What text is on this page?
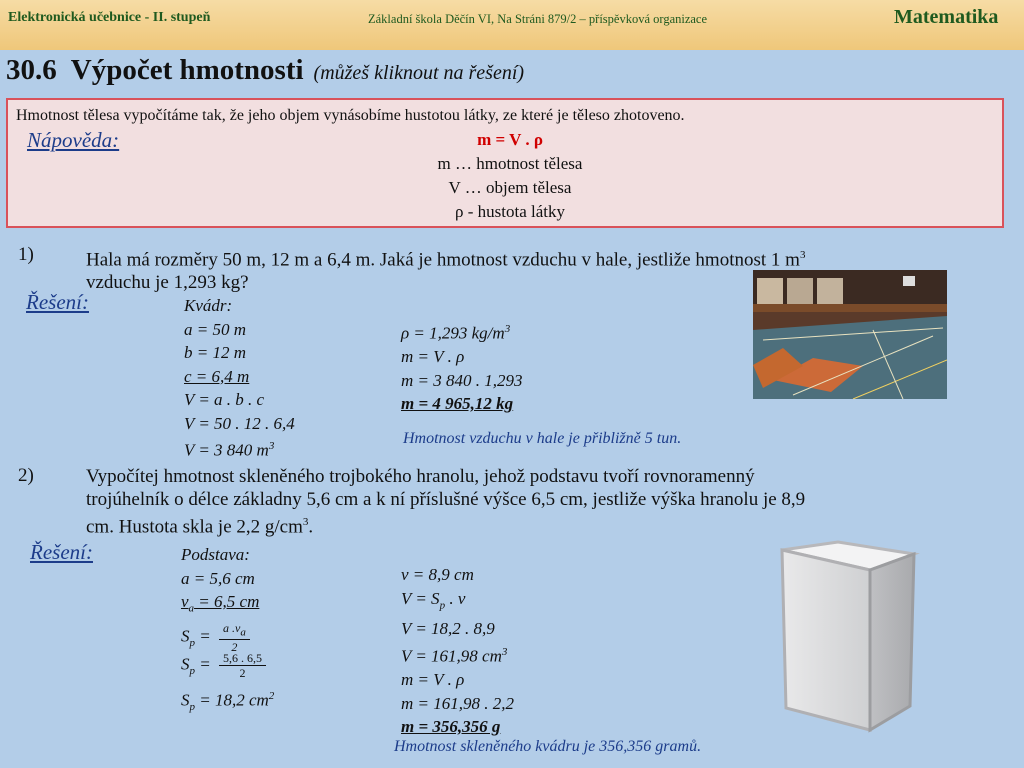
Elektronická učebnice - II. stupeň	Základní škola Děčín VI, Na Stráni 879/2 – příspěvková organizace	Matematika
30.6 Výpočet hmotnosti (můžeš kliknout na řešení)
Hmotnost tělesa vypočítáme tak, že jeho objem vynásobíme hustotou látky, ze které je těleso zhotoveno.
Nápověda:	m = V . ρ
m … hmotnost tělesa
V … objem tělesa
ρ - hustota látky
1)	Hala má rozměry 50 m, 12 m a 6,4 m. Jaká je hmotnost vzduchu v hale, jestliže hmotnost 1 $m^3$
vzduchu je 1,293 kg?
Řešení:	Kvádr:
a = 50 m
b = 12 m
c = 6,4 m
V = a . b . c
V = 50 . 12 . 6,4
V = 3 840 $m^3$
ρ = 1,293 $kg/m^3$
m = V . ρ
m = 3 840 . 1,293
m = 4 965,12 kg
Hmotnost vzduchu v hale je přibližně 5 tun.
2)	Vypočítej hmotnost skleněného trojbokého hranolu, jehož podstavu tvoří rovnoramenný
trojúhelník o délce základny 5,6 cm a k ní příslušné výšce 6,5 cm, jestliže výška hranolu je 8,9
cm. Hustota skla je 2,2 $g/cm^3$.
Řešení:	Podstava:
a = 5,6 cm
$v_a = 6,5$ cm
$S_p = \frac{a .v_a}{2}$
$S_p = \frac{5,6 . 6,5}{2}$
$S_p = 18,2$ $cm^2$
v = 8,9 cm
$V = S_p$ . v
V = 18,2 . 8,9
V = 161,98 $cm^3$
m = V . ρ
m = 161,98 . 2,2
m = 356,356 g
Hmotnost skleněného kvádru je 356,356 gramů.
